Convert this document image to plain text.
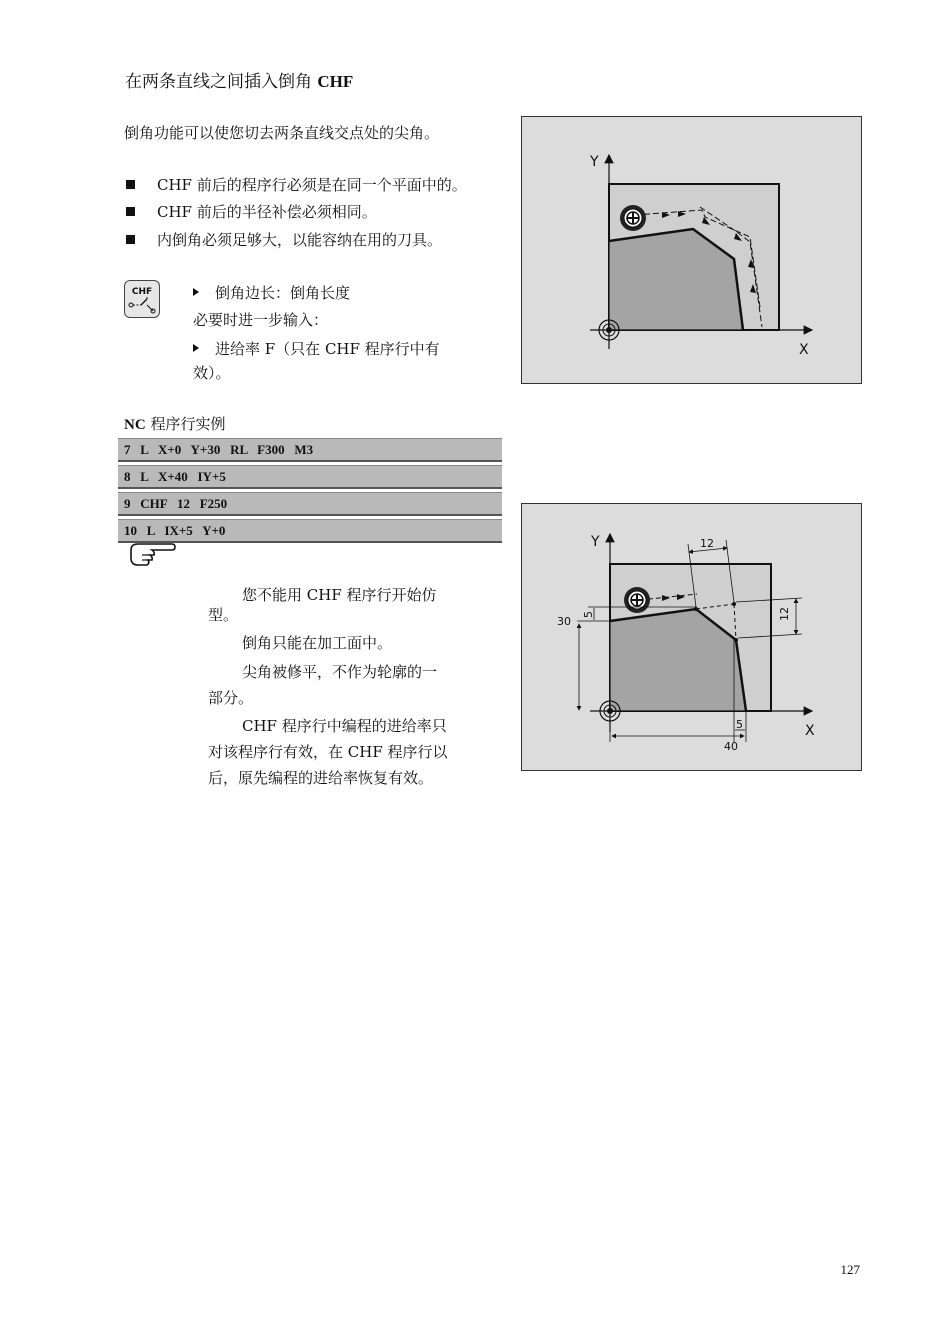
在两条直线之间插入倒角 CHF
倒角功能可以使您切去两条直线交点处的尖角。
CHF 前后的程序行必须是在同一个平面中的。
CHF 前后的半径补偿必须相同。
内倒角必须足够大，以能容纳在用的刀具。
CHF	倒角边长：倒角长度
必要时进一步输入：
进给率 F（只在 CHF 程序行中有
效）。
NC 程序行实例
7   L   X+0   Y+30   RL   F300   M3
8   L   X+40   IY+5
9   CHF   12   F250
10   L   IX+5   Y+0

您不能用 CHF 程序行开始仿

型。

倒角只能在加工面中。

尖角被修平，不作为轮廓的一

部分。

CHF 程序行中编程的进给率只

对该程序行有效，在 CHF 程序行以

后，原先编程的进给率恢复有效。

X
Y
12
12
30
5
5
40
X
Y
127
